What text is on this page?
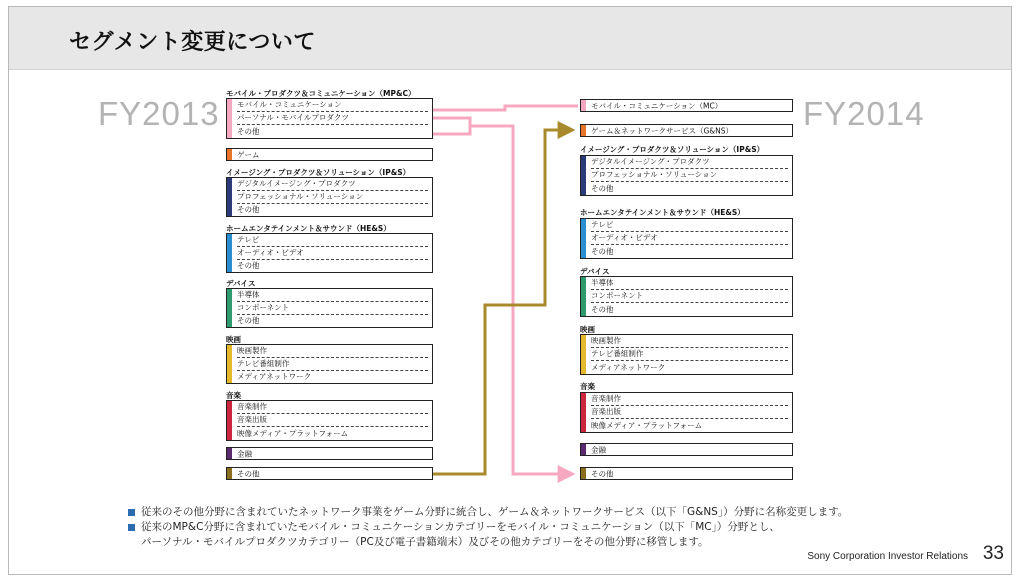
セグメント変更について
FY2013	FY2014
モバイル・プロダクツ＆コミュニケーション（MP&C）
モバイル・コミュニケーション
パーソナル・モバイルプロダクツ
その他
ゲーム
イメージング・プロダクツ＆ソリューション（IP&S）
デジタルイメージング・プロダクツ
プロフェッショナル・ソリューション
その他
ホームエンタテインメント＆サウンド（HE&S）
テレビ
オーディオ・ビデオ
その他
デバイス
半導体
コンポーネント
その他
映画
映画製作
テレビ番組制作
メディアネットワーク
音楽
音楽制作
音楽出版
映像メディア・プラットフォーム
金融
その他
モバイル・コミュニケーション（MC）
ゲーム＆ネットワークサービス（G&NS）
イメージング・プロダクツ＆ソリューション（IP&S）
デジタルイメージング・プロダクツ
プロフェッショナル・ソリューション
その他
ホームエンタテインメント＆サウンド（HE&S）
テレビ
オーディオ・ビデオ
その他
デバイス
半導体
コンポーネント
その他
映画
映画製作
テレビ番組制作
メディアネットワーク
音楽
音楽制作
音楽出版
映像メディア・プラットフォーム
金融
その他
従来のその他分野に含まれていたネットワーク事業をゲーム分野に統合し、ゲーム＆ネットワークサービス（以下「G&NS」）分野に名称変更します。
従来のMP&C分野に含まれていたモバイル・コミュニケーションカテゴリーをモバイル・コミュニケーション（以下「MC」）分野とし、
パーソナル・モバイルプロダクツカテゴリー（PC及び電子書籍端末）及びその他カテゴリーをその他分野に移管します。
Sony Corporation Investor Relations 33
